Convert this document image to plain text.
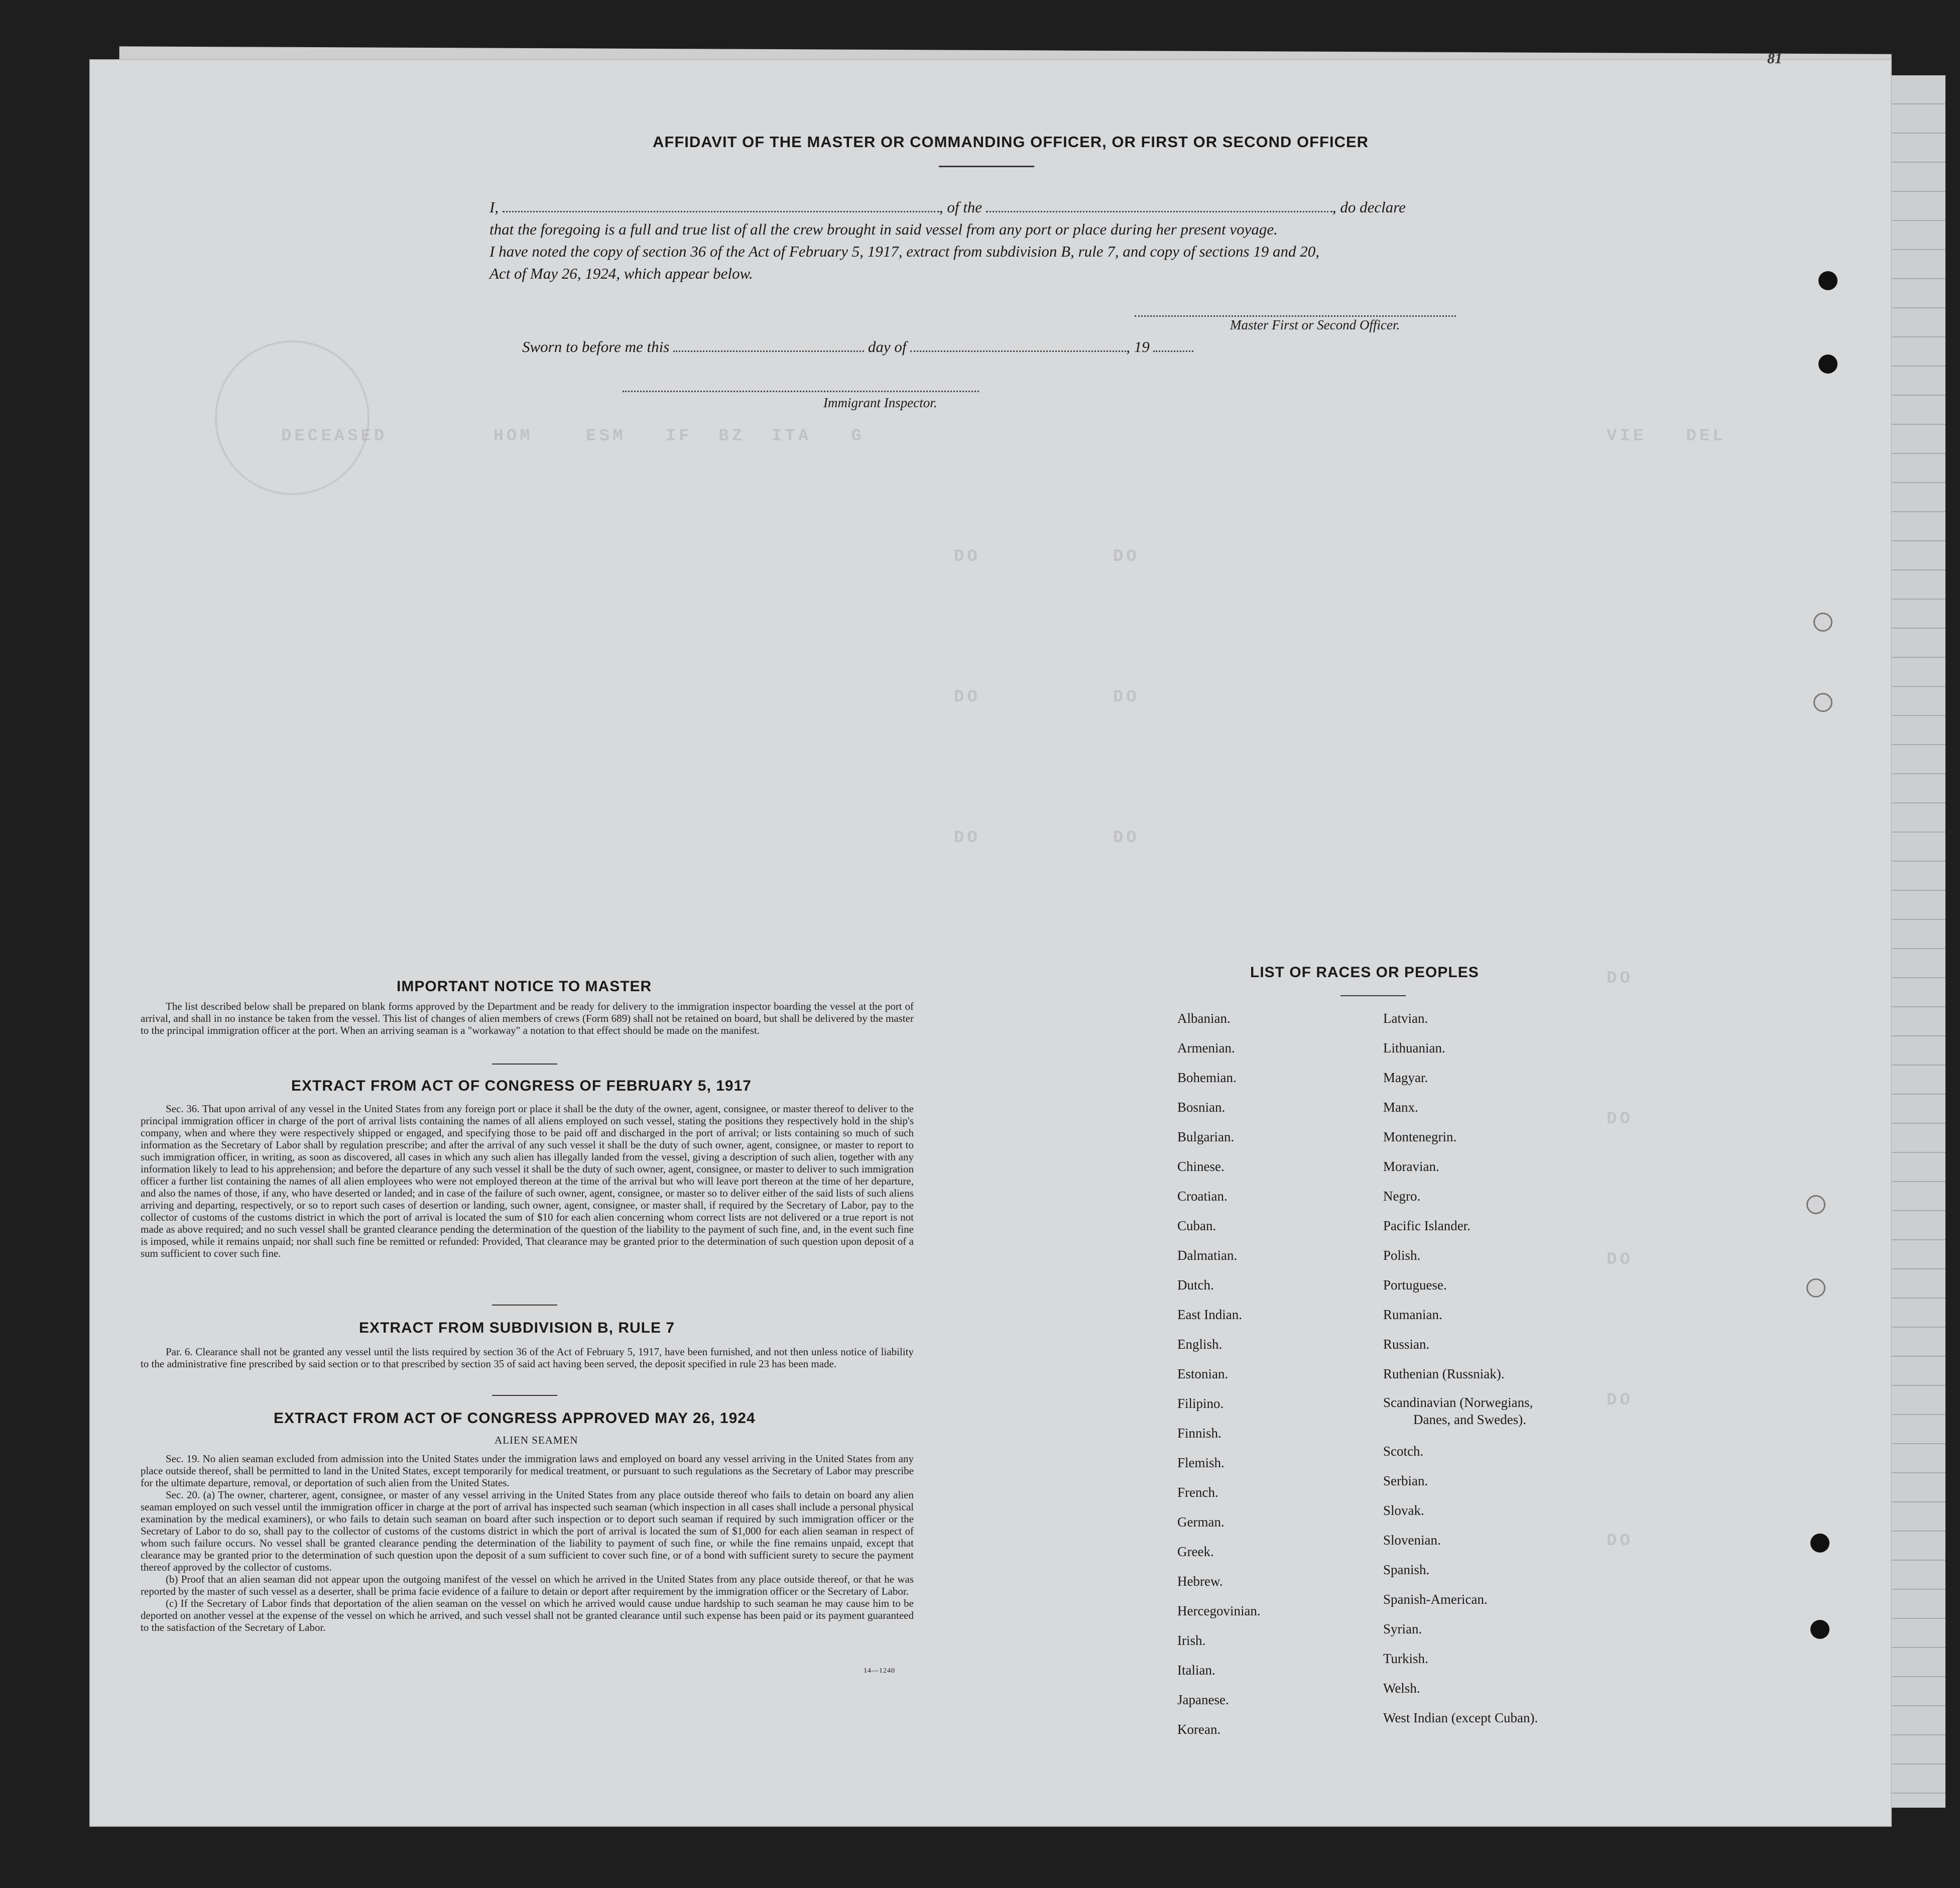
DECEASED        HOM    ESM   IF  BZ  ITA   G	VIE   DEL
DO          DO
DO          DO
DO          DO
DO
DO
DO
DO
DO
81
AFFIDAVIT OF THE MASTER OR COMMANDING OFFICER, OR FIRST OR SECOND OFFICER
I,	, of the	, do declare
that the foregoing is a full and true list of all the crew brought in said vessel from any port or place during her present voyage.
I have noted the copy of section 36 of the Act of February 5, 1917, extract from subdivision B, rule 7, and copy of sections 19 and 20,
Act of May 26, 1924, which appear below.
Master First or Second Officer.
Sworn to before me this	day of	, 19
Immigrant Inspector.
IMPORTANT NOTICE TO MASTER

The list described below shall be prepared on blank forms approved by the Department and be ready for delivery to the immigration inspector boarding the vessel at the port of arrival, and shall in no instance be taken from the vessel. This list of changes of alien members of crews (Form 689) shall not be retained on board, but shall be delivered by the master to the principal immigration officer at the port. When an arriving seaman is a "workaway" a notation to that effect should be made on the manifest.

EXTRACT FROM ACT OF CONGRESS OF FEBRUARY 5, 1917

Sec. 36. That upon arrival of any vessel in the United States from any foreign port or place it shall be the duty of the owner, agent, consignee, or master thereof to deliver to the principal immigration officer in charge of the port of arrival lists containing the names of all aliens employed on such vessel, stating the positions they respectively hold in the ship's company, when and where they were respectively shipped or engaged, and specifying those to be paid off and discharged in the port of arrival; or lists containing so much of such information as the Secretary of Labor shall by regulation prescribe; and after the arrival of any such vessel it shall be the duty of such owner, agent, consignee, or master to report to such immigration officer, in writing, as soon as discovered, all cases in which any such alien has illegally landed from the vessel, giving a description of such alien, together with any information likely to lead to his apprehension; and before the departure of any such vessel it shall be the duty of such owner, agent, consignee, or master to deliver to such immigration officer a further list containing the names of all alien employees who were not employed thereon at the time of the arrival but who will leave port thereon at the time of her departure, and also the names of those, if any, who have deserted or landed; and in case of the failure of such owner, agent, consignee, or master so to deliver either of the said lists of such aliens arriving and departing, respectively, or so to report such cases of desertion or landing, such owner, agent, consignee, or master shall, if required by the Secretary of Labor, pay to the collector of customs of the customs district in which the port of arrival is located the sum of $10 for each alien concerning whom correct lists are not delivered or a true report is not made as above required; and no such vessel shall be granted clearance pending the determination of the question of the liability to the payment of such fine, and, in the event such fine is imposed, while it remains unpaid; nor shall such fine be remitted or refunded: Provided, That clearance may be granted prior to the determination of such question upon deposit of a sum sufficient to cover such fine.

EXTRACT FROM SUBDIVISION B, RULE 7

Par. 6. Clearance shall not be granted any vessel until the lists required by section 36 of the Act of February 5, 1917, have been furnished, and not then unless notice of liability to the administrative fine prescribed by said section or to that prescribed by section 35 of said act having been served, the deposit specified in rule 23 has been made.

EXTRACT FROM ACT OF CONGRESS APPROVED MAY 26, 1924
ALIEN SEAMEN

Sec. 19. No alien seaman excluded from admission into the United States under the immigration laws and employed on board any vessel arriving in the United States from any place outside thereof, shall be permitted to land in the United States, except temporarily for medical treatment, or pursuant to such regulations as the Secretary of Labor may prescribe for the ultimate departure, removal, or deportation of such alien from the United States.

Sec. 20. (a) The owner, charterer, agent, consignee, or master of any vessel arriving in the United States from any place outside thereof who fails to detain on board any alien seaman employed on such vessel until the immigration officer in charge at the port of arrival has inspected such seaman (which inspection in all cases shall include a personal physical examination by the medical examiners), or who fails to detain such seaman on board after such inspection or to deport such seaman if required by such immigration officer or the Secretary of Labor to do so, shall pay to the collector of customs of the customs district in which the port of arrival is located the sum of $1,000 for each alien seaman in respect of whom such failure occurs. No vessel shall be granted clearance pending the determination of the liability to payment of such fine, or while the fine remains unpaid, except that clearance may be granted prior to the determination of such question upon the deposit of a sum sufficient to cover such fine, or of a bond with sufficient surety to secure the payment thereof approved by the collector of customs.

(b) Proof that an alien seaman did not appear upon the outgoing manifest of the vessel on which he arrived in the United States from any place outside thereof, or that he was reported by the master of such vessel as a deserter, shall be prima facie evidence of a failure to detain or deport after requirement by the immigration officer or the Secretary of Labor.

(c) If the Secretary of Labor finds that deportation of the alien seaman on the vessel on which he arrived would cause undue hardship to such seaman he may cause him to be deported on another vessel at the expense of the vessel on which he arrived, and such vessel shall not be granted clearance until such expense has been paid or its payment guaranteed to the satisfaction of the Secretary of Labor.

14—1240
LIST OF RACES OR PEOPLES
Albanian.
Armenian.
Bohemian.
Bosnian.
Bulgarian.
Chinese.
Croatian.
Cuban.
Dalmatian.
Dutch.
East Indian.
English.
Estonian.
Filipino.
Finnish.
Flemish.
French.
German.
Greek.
Hebrew.
Hercegovinian.
Irish.
Italian.
Japanese.
Korean.
Latvian.
Lithuanian.
Magyar.
Manx.
Montenegrin.
Moravian.
Negro.
Pacific Islander.
Polish.
Portuguese.
Rumanian.
Russian.
Ruthenian (Russniak).
Scandinavian (Norwegians,
Danes, and Swedes).
Scotch.
Serbian.
Slovak.
Slovenian.
Spanish.
Spanish-American.
Syrian.
Turkish.
Welsh.
West Indian (except Cuban).
